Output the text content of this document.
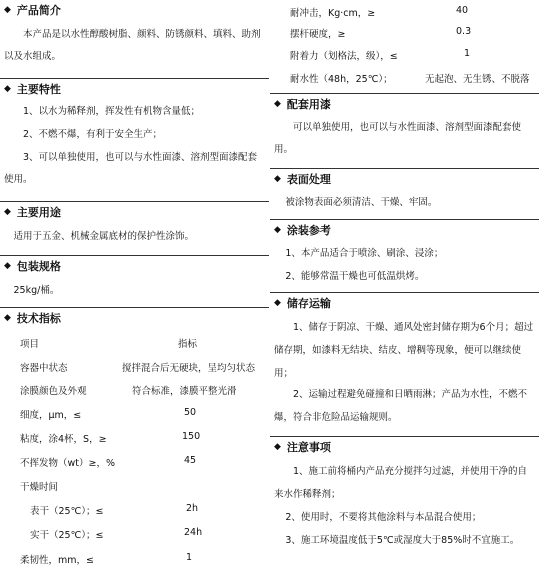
◆ 产品简介
本产品是以水性醇酸树脂、颜料、防锈颜料、填料、助剂以及水组成。
◆ 主要特性
1、以水为稀释剂，挥发性有机物含量低；
2、不燃不爆，有利于安全生产；
3、可以单独使用，也可以与水性面漆、溶剂型面漆配套使用。
◆ 主要用途
适用于五金、机械金属底材的保护性涂饰。
◆ 包装规格
25kg/桶。
◆ 技术指标
项目	指标
容器中状态	搅拌混合后无硬块，呈均匀状态
涂膜颜色及外观	符合标准，漆膜平整光滑
细度，μm，≤	50
粘度，涂4杯，S，≥	150
不挥发物（wt）≥，%	45
干燥时间
表干（25℃）；≤	2h
实干（25℃）；≤	24h
柔韧性，mm，≤	1
耐冲击，Kg·cm，≥	40
摆杆硬度，≥	0.3
附着力（划格法，级），≤	1
耐水性（48h，25℃）；	无起泡、无生锈、不脱落
◆ 配套用漆
可以单独使用，也可以与水性面漆、溶剂型面漆配套使用。
◆ 表面处理
被涂物表面必须清洁、干燥、牢固。
◆ 涂装参考
1、本产品适合于喷涂、刷涂、浸涂；
2、能够常温干燥也可低温烘烤。
◆ 储存运输
1、储存于阴凉、干燥、通风处密封储存期为6个月；超过储存期，如漆料无结块、结皮、增稠等现象，便可以继续使用；
2、运输过程避免碰撞和日晒雨淋；产品为水性，不燃不爆，符合非危险品运输规则。
◆ 注意事项
1、施工前将桶内产品充分搅拌匀过滤，并使用干净的自来水作稀释剂；
2、使用时，不要将其他涂料与本品混合使用；
3、施工环境温度低于5℃或湿度大于85%时不宜施工。
